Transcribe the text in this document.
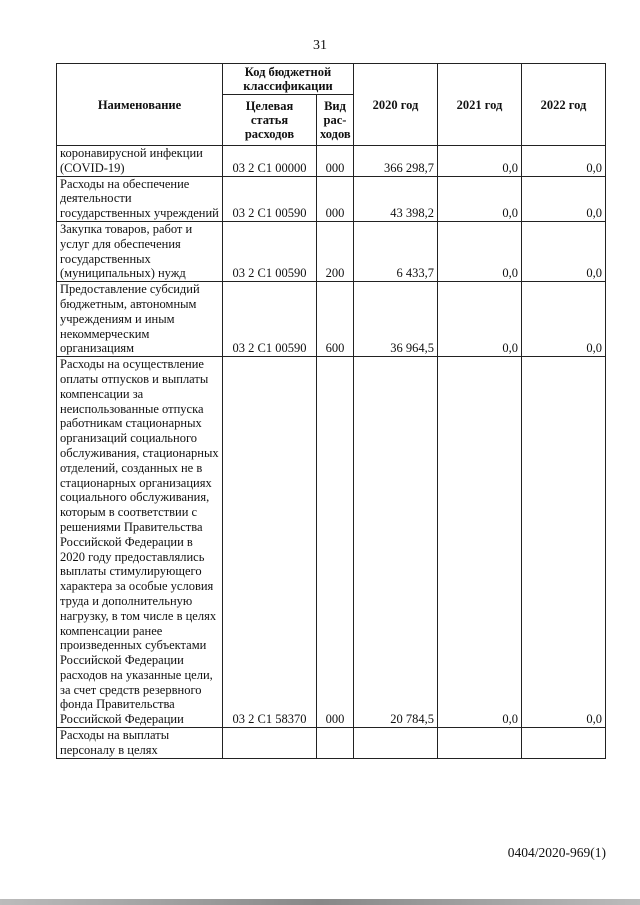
31
Наименование	Код бюджетной классификации		2020 год	2021 год	2022 год
	Целевая статья расходов	Вид рас-ходов			
коронавирусной инфекции (COVID-19)	03 2 С1 00000	000	366 298,7	0,0	0,0
Расходы на обеспечение деятельности государственных учреждений	03 2 С1 00590	000	43 398,2	0,0	0,0
Закупка товаров, работ и услуг для обеспечения государственных (муниципальных) нужд	03 2 С1 00590	200	6 433,7	0,0	0,0
Предоставление субсидий бюджетным, автономным учреждениям и иным некоммерческим организациям	03 2 С1 00590	600	36 964,5	0,0	0,0
Расходы на осуществление оплаты отпусков и выплаты компенсации за неиспользованные отпуска работникам стационарных организаций социального обслуживания, стационарных отделений, созданных не в стационарных организациях социального обслуживания, которым в соответствии с решениями Правительства Российской Федерации в 2020 году предоставлялись выплаты стимулирующего характера за особые условия труда и дополнительную нагрузку, в том числе в целях компенсации ранее произведенных субъектами Российской Федерации расходов на указанные цели, за счет средств резервного фонда Правительства Российской Федерации	03 2 С1 58370	000	20 784,5	0,0	0,0
Расходы на выплаты персоналу в целях					
0404/2020-969(1)
